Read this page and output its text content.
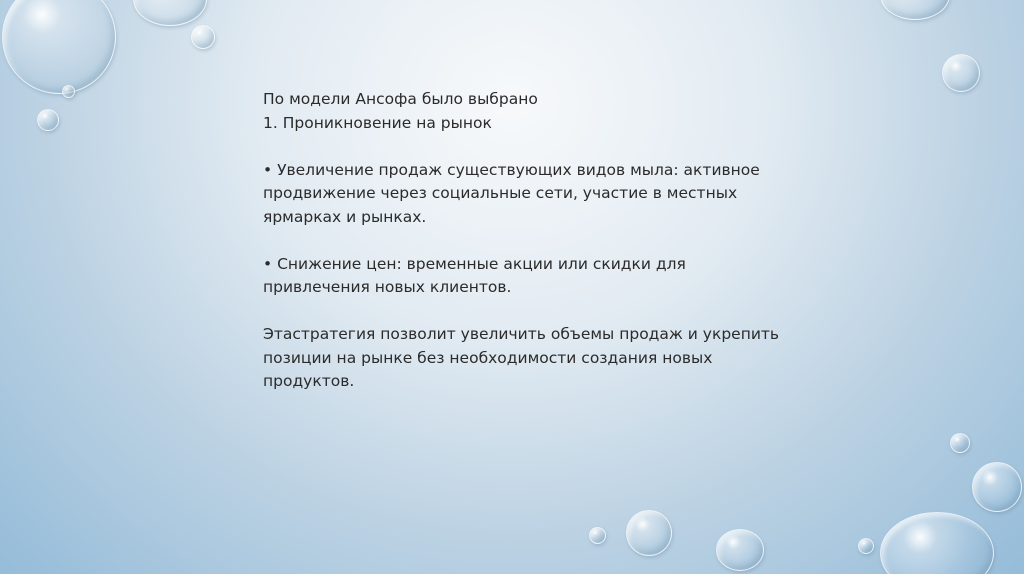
По модели Ансофа было выбрано

1. Проникновение на рынок

• Увеличение продаж существующих видов мыла: активное продвижение через социальные сети, участие в местных ярмарках и рынках.

• Снижение цен: временные акции или скидки для привлечения новых клиентов.

Этастратегия позволит увеличить объемы продаж и укрепить позиции на рынке без необходимости создания новых продуктов.
